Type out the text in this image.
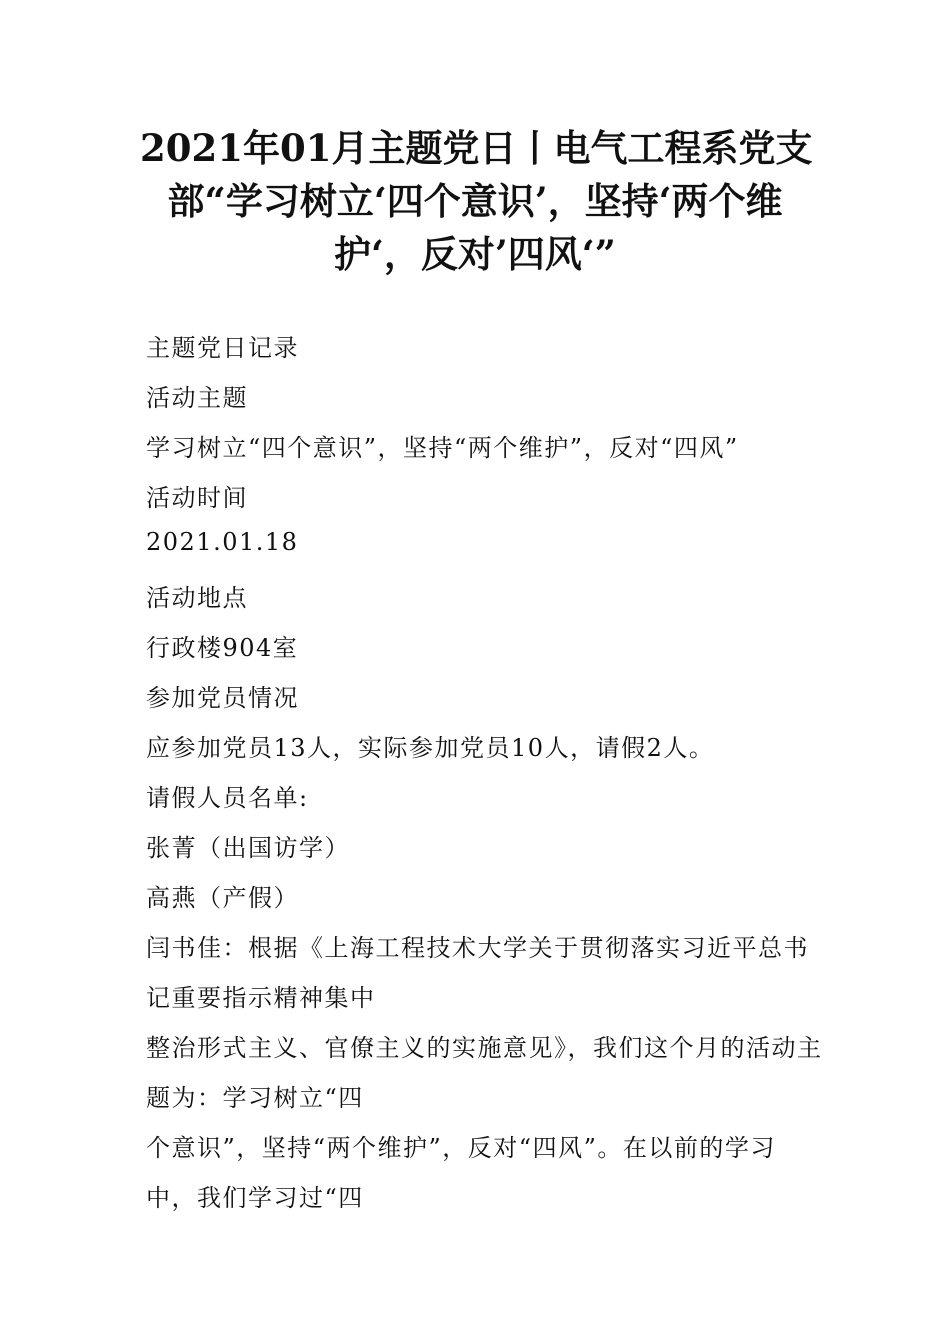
2021年01月主题党日丨电气工程系党支
部“学习树立‘四个意识’，坚持‘两个维
护‘，反对’四风‘”
主题党日记录
活动主题
学习树立“四个意识”，坚持“两个维护”，反对“四风”
活动时间
2021.01.18
活动地点
行政楼904室
参加党员情况
应参加党员13人，实际参加党员10人，请假2人。
请假人员名单:
张菁（出国访学）
高燕（产假）
闫书佳：根据《上海工程技术大学关于贯彻落实习近平总书
记重要指示精神集中
整治形式主义、官僚主义的实施意见》，我们这个月的活动主
题为：学习树立“四
个意识”，坚持“两个维护”，反对“四风”。在以前的学习
中，我们学习过“四
